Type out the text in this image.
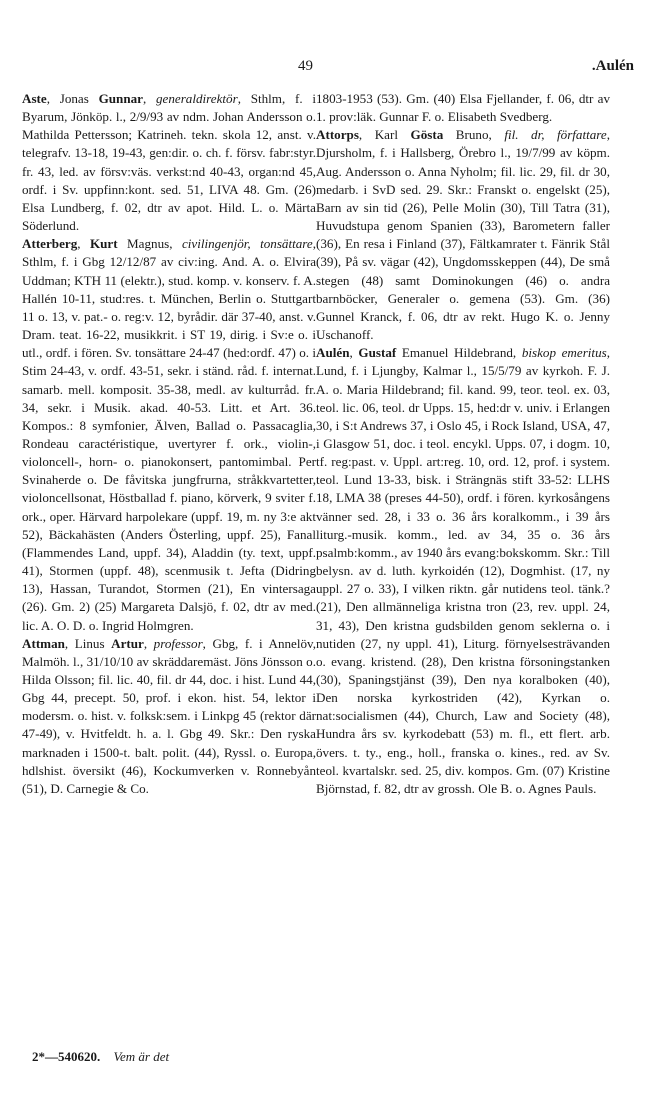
49	.Aulén

Aste, Jonas Gunnar, generaldirektör, Sthlm, f. i Byarum, Jönköp. l., 2/9/93 av ndm. Johan Andersson o. Mathilda Pettersson; Katrineh. tekn. skola 12, anst. v. telegrafv. 13-18, 19-43, gen:dir. o. ch. f. försv. fabr:styr. fr. 43, led. av försv:väs. verkst:nd 40-43, organ:nd 45, ordf. i Sv. uppfinn:kont. sed. 51, LIVA 48. Gm. (26) Elsa Lundberg, f. 02, dtr av apot. Hild. L. o. Märta Söderlund.

Atterberg, Kurt Magnus, civilingenjör, tonsättare, Sthlm, f. i Gbg 12/12/87 av civ:ing. And. A. o. Elvira Uddman; KTH 11 (elektr.), stud. komp. v. konserv. f. A. Hallén 10-11, stud:res. t. München, Berlin o. Stuttgart 11 o. 13, v. pat.- o. reg:v. 12, byrådir. där 37-40, anst. v. Dram. teat. 16-22, musikkrit. i ST 19, dirig. i Sv:e o. i utl., ordf. i fören. Sv. tonsättare 24-47 (hed:ordf. 47) o. i Stim 24-43, v. ordf. 43-51, sekr. i ständ. råd. f. internat. samarb. mell. komposit. 35-38, medl. av kulturråd. fr. 34, sekr. i Musik. akad. 40-53. Litt. et Art. 36. Kompos.: 8 symfonier, Älven, Ballad o. Passacaglia, Rondeau caractéristique, uvertyrer f. ork., violin-, violoncell-, horn- o. pianokonsert, pantomimbal. Per Svinaherde o. De fåvitska jungfrurna, stråkkvartetter, violoncellsonat, Höstballad f. piano, körverk, 9 sviter f. ork., oper. Härvard harpolekare (uppf. 19, m. ny 3:e akt 52), Bäckahästen (Anders Österling, uppf. 25), Fanal (Flammendes Land, uppf. 34), Aladdin (ty. text, uppf. 41), Stormen (uppf. 48), scenmusik t. Jefta (Didring 13), Hassan, Turandot, Stormen (21), En vintersaga (26). Gm. 2) (25) Margareta Dalsjö, f. 02, dtr av med. lic. A. O. D. o. Ingrid Holmgren.

Attman, Linus Artur, professor, Gbg, f. i Annelöv, Malmöh. l., 31/10/10 av skräddaremäst. Jöns Jönsson o. Hilda Olsson; fil. lic. 40, fil. dr 44, doc. i hist. Lund 44, Gbg 44, precept. 50, prof. i ekon. hist. 54, lektor i modersm. o. hist. v. folksk:sem. i Linkpg 45 (rektor där 47-49), v. Hvitfeldt. h. a. l. Gbg 49. Skr.: Den ryska marknaden i 1500-t. balt. polit. (44), Ryssl. o. Europa, hdlshist. översikt (46), Kockumverken v. Ronnebyån (51), D. Carnegie & Co.

1803-1953 (53). Gm. (40) Elsa Fjellander, f. 06, dtr av 1. prov:läk. Gunnar F. o. Elisabeth Svedberg.

Attorps, Karl Gösta Bruno, fil. dr, författare, Djursholm, f. i Hallsberg, Örebro l., 19/7/99 av köpm. Aug. Andersson o. Anna Nyholm; fil. lic. 29, fil. dr 30, medarb. i SvD sed. 29. Skr.: Franskt o. engelskt (25), Barn av sin tid (26), Pelle Molin (30), Till Tatra (31), Huvudstupa genom Spanien (33), Barometern faller (36), En resa i Finland (37), Fältkamrater t. Fänrik Stål (39), På sv. vägar (42), Ungdomsskeppen (44), De små stegen (48) samt Dominokungen (46) o. andra barnböcker, Generaler o. gemena (53). Gm. (36) Gunnel Kranck, f. 06, dtr av rekt. Hugo K. o. Jenny Uschanoff.

Aulén, Gustaf Emanuel Hildebrand, biskop emeritus, Lund, f. i Ljungby, Kalmar l., 15/5/79 av kyrkoh. F. J. A. o. Maria Hildebrand; fil. kand. 99, teor. teol. ex. 03, teol. lic. 06, teol. dr Upps. 15, hed:dr v. univ. i Erlangen 30, i S:t Andrews 37, i Oslo 45, i Rock Island, USA, 47, i Glasgow 51, doc. i teol. encykl. Upps. 07, i dogm. 10, tf. reg:past. v. Uppl. art:reg. 10, ord. 12, prof. i system. teol. Lund 13-33, bisk. i Strängnäs stift 33-52: LLHS 18, LMA 38 (preses 44-50), ordf. i fören. kyrkosångens vänner sed. 28, i 33 o. 36 års koralkomm., i 39 års liturg.-musik. komm., led. av 34, 35 o. 36 års psalmb:komm., av 1940 års evang:bokskomm. Skr.: Till belysn. av d. luth. kyrkoidén (12), Dogmhist. (17, ny uppl. 27 o. 33), I vilken riktn. går nutidens teol. tänk.? (21), Den allmänneliga kristna tron (23, rev. uppl. 24, 31, 43), Den kristna gudsbilden genom seklerna o. i nutiden (27, ny uppl. 41), Liturg. förnyelsesträvanden o. evang. kristend. (28), Den kristna försoningstanken (30), Spaningstjänst (39), Den nya koralboken (40), Den norska kyrkostriden (42), Kyrkan o. nat:socialismen (44), Church, Law and Society (48), Hundra års sv. kyrkodebatt (53) m. fl., ett flert. arb. övers. t. ty., eng., holl., franska o. kines., red. av Sv. teol. kvartalskr. sed. 25, div. kompos. Gm. (07) Kristine Björnstad, f. 82, dtr av grossh. Ole B. o. Agnes Pauls.

2*—540620. Vem är det
